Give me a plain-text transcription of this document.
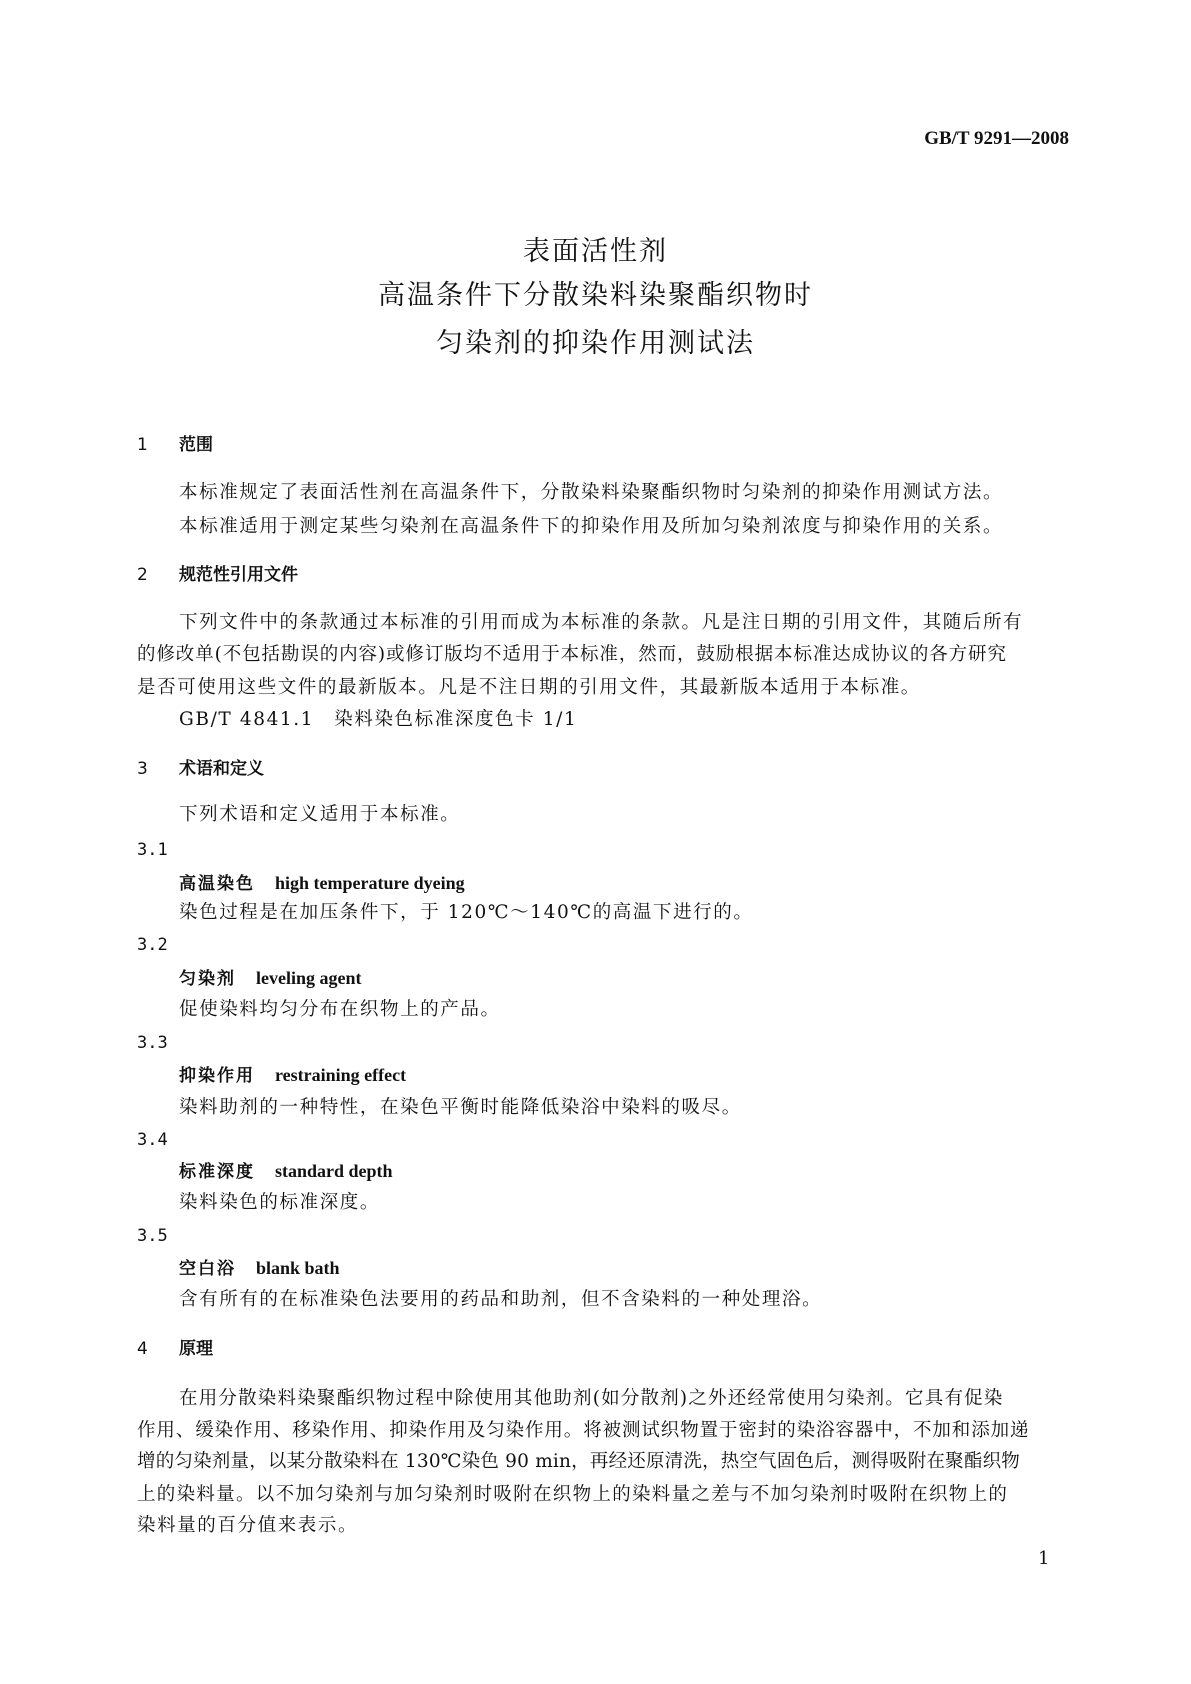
GB/T 9291—2008
表面活性剂
高温条件下分散染料染聚酯织物时
匀染剂的抑染作用测试法
1 范围
本标准规定了表面活性剂在高温条件下，分散染料染聚酯织物时匀染剂的抑染作用测试方法。
本标准适用于测定某些匀染剂在高温条件下的抑染作用及所加匀染剂浓度与抑染作用的关系。
2 规范性引用文件
下列文件中的条款通过本标准的引用而成为本标准的条款。凡是注日期的引用文件，其随后所有
的修改单(不包括勘误的内容)或修订版均不适用于本标准，然而，鼓励根据本标准达成协议的各方研究
是否可使用这些文件的最新版本。凡是不注日期的引用文件，其最新版本适用于本标准。
GB/T 4841.1　染料染色标准深度色卡 1/1
3 术语和定义
下列术语和定义适用于本标准。
3.1
高温染色 high temperature dyeing
染色过程是在加压条件下，于 120℃～140℃的高温下进行的。
3.2
匀染剂 leveling agent
促使染料均匀分布在织物上的产品。
3.3
抑染作用 restraining effect
染料助剂的一种特性，在染色平衡时能降低染浴中染料的吸尽。
3.4
标准深度 standard depth
染料染色的标准深度。
3.5
空白浴 blank bath
含有所有的在标准染色法要用的药品和助剂，但不含染料的一种处理浴。
4 原理
在用分散染料染聚酯织物过程中除使用其他助剂(如分散剂)之外还经常使用匀染剂。它具有促染
作用、缓染作用、移染作用、抑染作用及匀染作用。将被测试织物置于密封的染浴容器中，不加和添加递
增的匀染剂量，以某分散染料在 130℃染色 90 min，再经还原清洗，热空气固色后，测得吸附在聚酯织物
上的染料量。以不加匀染剂与加匀染剂时吸附在织物上的染料量之差与不加匀染剂时吸附在织物上的
染料量的百分值来表示。
1
